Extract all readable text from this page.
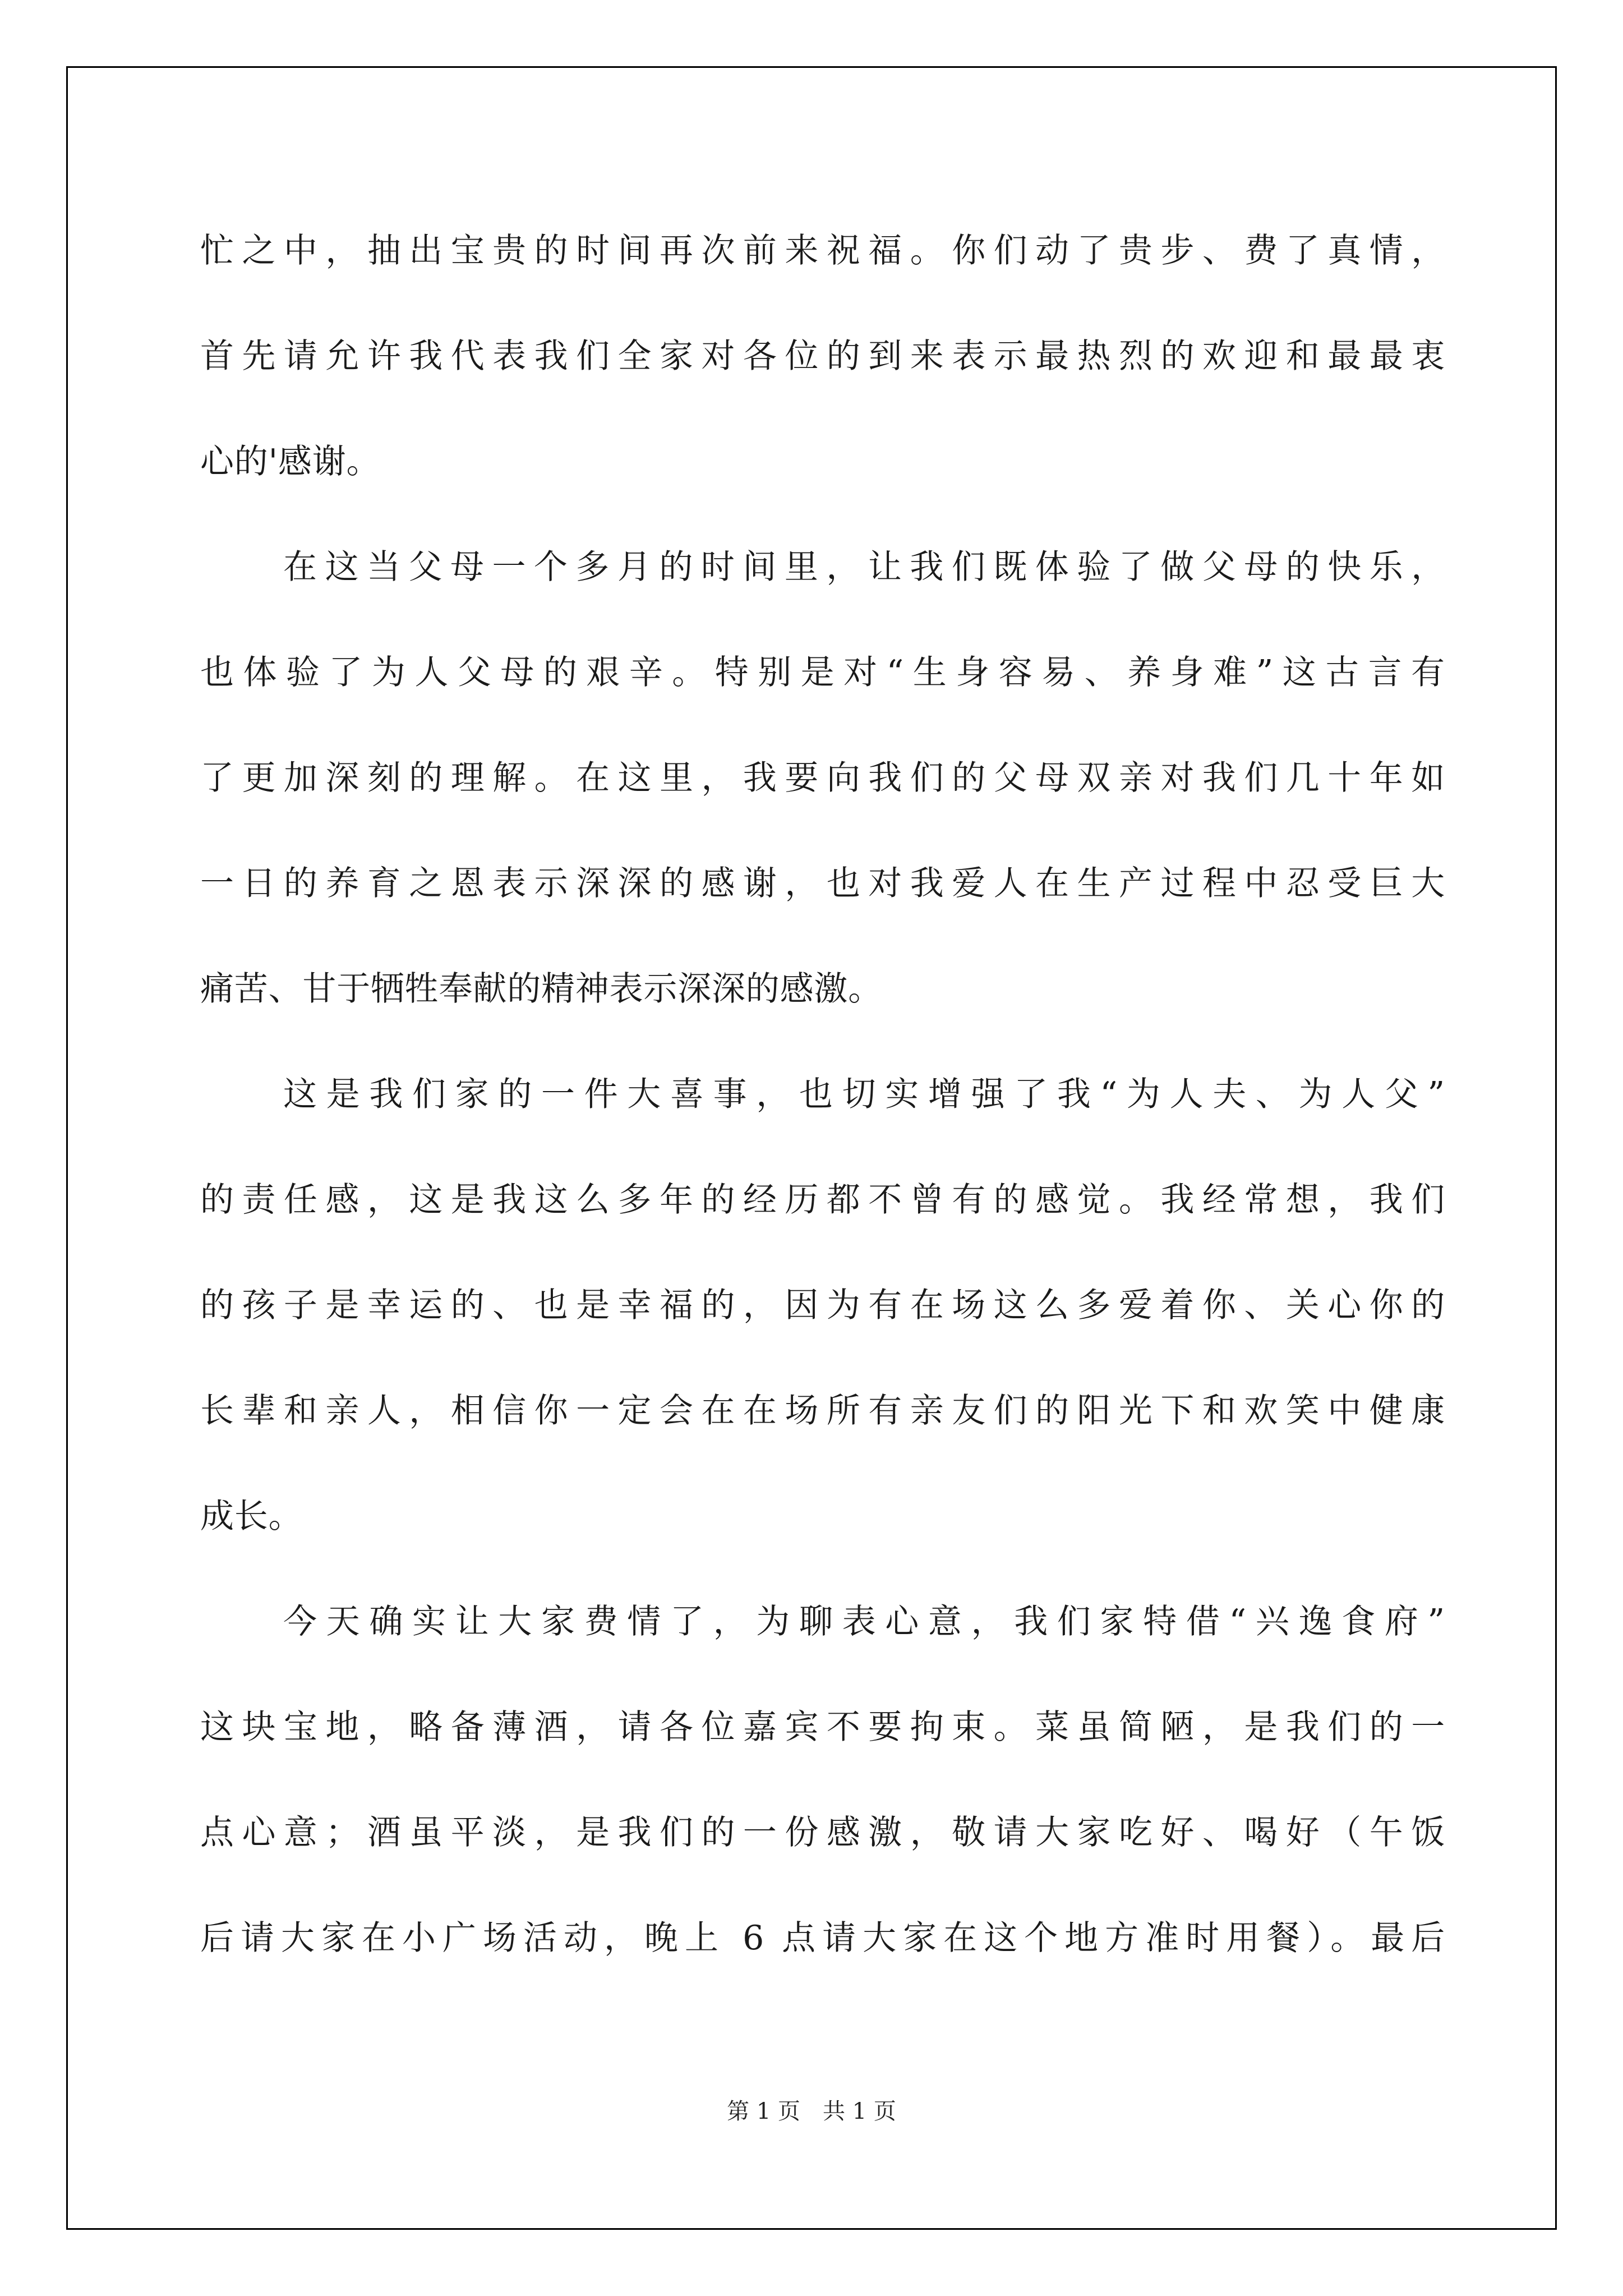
忙之中，抽出宝贵的时间再次前来祝福。你们动了贵步、费了真情，
首先请允许我代表我们全家对各位的到来表示最热烈的欢迎和最最衷
心的'感谢。
在这当父母一个多月的时间里，让我们既体验了做父母的快乐，
也体验了为人父母的艰辛。特别是对“生身容易、养身难”这古言有
了更加深刻的理解。在这里，我要向我们的父母双亲对我们几十年如
一日的养育之恩表示深深的感谢，也对我爱人在生产过程中忍受巨大
痛苦、甘于牺牲奉献的精神表示深深的感激。
这是我们家的一件大喜事，也切实增强了我“为人夫、为人父”
的责任感，这是我这么多年的经历都不曾有的感觉。我经常想，我们
的孩子是幸运的、也是幸福的，因为有在场这么多爱着你、关心你的
长辈和亲人，相信你一定会在在场所有亲友们的阳光下和欢笑中健康
成长。
今天确实让大家费情了，为聊表心意，我们家特借“兴逸食府”
这块宝地，略备薄酒，请各位嘉宾不要拘束。菜虽简陋，是我们的一
点心意；酒虽平淡，是我们的一份感激，敬请大家吃好、喝好（午饭
后请大家在小广场活动，晚上 6 点请大家在这个地方准时用餐）。最后
第 1 页 共 1 页
